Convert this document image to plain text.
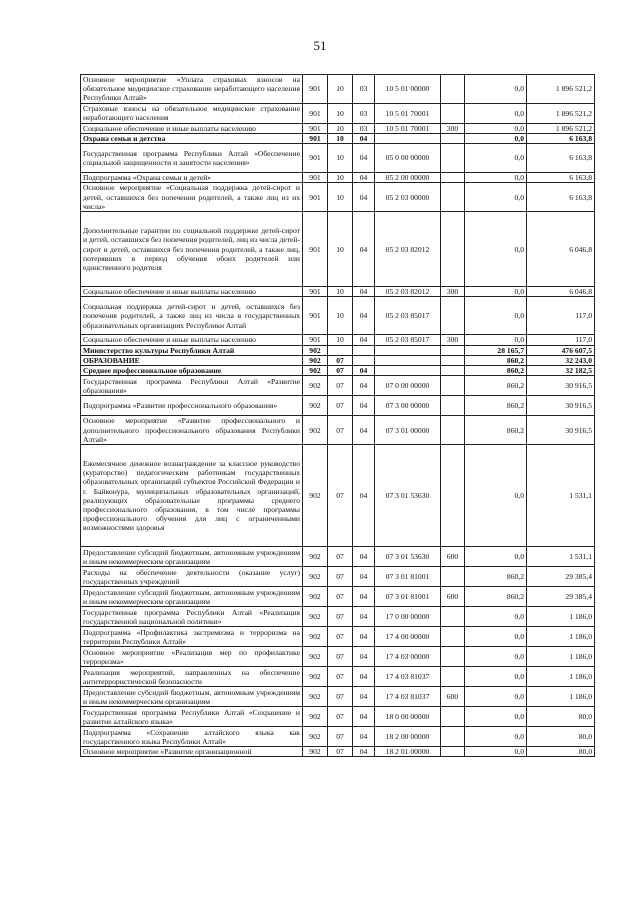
51
Основное мероприятие «Уплата страховых взносов на обязательное медицинское страхование неработающего населения Республики Алтай»	901	10	03	10 5 01 00000		0,0	1 896 521,2
Страховые взносы на обязательное медицинское страхование неработающего населения	901	10	03	10 5 01 70001		0,0	1 896 521,2
Социальное обеспечение и иные выплаты населению	901	10	03	10 5 01 70001	300	0,0	1 896 521,2
Охрана семьи и детства	901	10	04			0,0	6 163,8
Государственная программа Республики Алтай «Обеспечение социальной защищенности и занятости населения»	901	10	04	05 0 00 00000		0,0	6 163,8
Подпрограмма «Охрана семьи и детей»	901	10	04	05 2 00 00000		0,0	6 163,8
Основное мероприятие «Социальная поддержка детей-сирот и детей, оставшихся без попечения родителей, а также лиц из их числа»	901	10	04	05 2 03 00000		0,0	6 163,8
Дополнительные гарантии по социальной поддержке детей-сирот и детей, оставшихся без попечения родителей, лиц из числа детей-сирот и детей, оставшихся без попечения родителей, а также лиц, потерявших в период обучения обоих родителей или единственного родителя	901	10	04	05 2 03 82012		0,0	6 046,8
Социальное обеспечение и иные выплаты населению	901	10	04	05 2 03 82012	300	0,0	6 046,8
Социальная поддержка детей-сирот и детей, оставшихся без попечения родителей, а также лиц из числа в государственных образовательных организациях Республики Алтай	901	10	04	05 2 03 85017		0,0	117,0
Социальное обеспечение и иные выплаты населению	901	10	04	05 2 03 85017	300	0,0	117,0
Министерство культуры Республики Алтай	902					28 165,7	476 607,5
ОБРАЗОВАНИЕ	902	07				860,2	32 243,0
Среднее профессиональное образование	902	07	04			860,2	32 182,5
Государственная программа Республики Алтай «Развитие образования»	902	07	04	07 0 00 00000		860,2	30 916,5
Подпрограмма «Развитие профессионального образования»	902	07	04	07 3 00 00000		860,2	30 916,5
Основное мероприятие «Развитие профессионального и дополнительного профессионального образования Республики Алтай»	902	07	04	07 3 01 00000		860,2	30 916,5
Ежемесячное денежное вознаграждение за классное руководство (кураторство) педагогическим работникам государственных образовательных организаций субъектов Российской Федерации и г. Байконура, муниципальных образовательных организаций, реализующих образовательные программы среднего профессионального образования, в том числе программы профессионального обучения для лиц с ограниченными возможностями здоровья	902	07	04	07 3 01 53630		0,0	1 531,1
Предоставление субсидий бюджетным, автономным учреждениям и иным некоммерческим организациям	902	07	04	07 3 01 53630	600	0,0	1 531,1
Расходы на обеспечение деятельности (оказание услуг) государственных учреждений	902	07	04	07 3 01 81001		860,2	29 385,4
Предоставление субсидий бюджетным, автономным учреждениям и иным некоммерческим организациям	902	07	04	07 3 01 81001	600	860,2	29 385,4
Государственная программа Республики Алтай «Реализация государственной национальной политики»	902	07	04	17 0 00 00000		0,0	1 186,0
Подпрограмма «Профилактика экстремизма и терроризма на территории Республики Алтай»	902	07	04	17 4 00 00000		0,0	1 186,0
Основное мероприятие «Реализация мер по профилактике терроризма»	902	07	04	17 4 03 00000		0,0	1 186,0
Реализация мероприятий, направленных на обеспечение антитеррористической безопасности	902	07	04	17 4 03 81037		0,0	1 186,0
Предоставление субсидий бюджетным, автономным учреждениям и иным некоммерческим организациям	902	07	04	17 4 03 81037	600	0,0	1 186,0
Государственная программа Республики Алтай «Сохранение и развитие алтайского языка»	902	07	04	18 0 00 00000		0,0	80,0
Подпрограмма «Сохранение алтайского языка как государственного языка Республики Алтай»	902	07	04	18 2 00 00000		0,0	80,0
Основное мероприятие «Развитие организационной	902	07	04	18 2 01 00000		0,0	80,0
